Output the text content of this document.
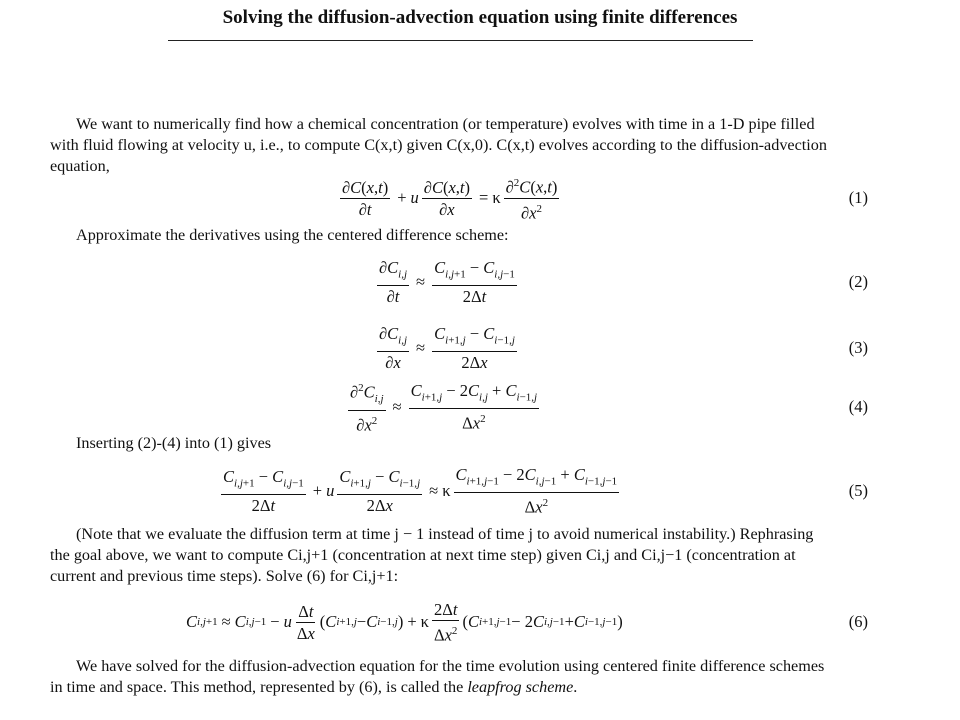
Solving the diffusion-advection equation using finite differences
We want to numerically find how a chemical concentration (or temperature) evolves with time in a 1-D pipe filled
with fluid flowing at velocity u, i.e., to compute C(x,t) given C(x,0). C(x,t) evolves according to the diffusion-advection
equation,
$\frac{\partial C(x,t)}{\partial t} + u \frac{\partial C(x,t)}{\partial x} = \kappa \frac{\partial^2C(x,t)}{\partial x^2}$	(1)
Approximate the derivatives using the centered difference scheme:
$\frac{\partial C_{i,j}}{\partial t} \approx \frac{C_{i,j+1} - C_{i,j-1}}{2\Delta t}$	(2)
$\frac{\partial C_{i,j}}{\partial x} \approx \frac{C_{i+1,j} - C_{i-1,j}}{2\Delta x}$	(3)
$\frac{\partial^2C_{i,j}}{\partial x^2} \approx \frac{C_{i+1,j} - 2C_{i,j} + C_{i-1,j}}{\Delta x^2}$	(4)
Inserting (2)-(4) into (1) gives
$\frac{C_{i,j+1} - C_{i,j-1}}{2\Delta t} + u \frac{C_{i+1,j} - C_{i-1,j}}{2\Delta x} \approx \kappa \frac{C_{i+1,j-1} - 2C_{i,j-1} + C_{i-1,j-1}}{\Delta x^2}$	(5)
(Note that we evaluate the diffusion term at time j − 1 instead of time j to avoid numerical instability.) Rephrasing
the goal above, we want to compute Ci,j+1 (concentration at next time step) given Ci,j and Ci,j−1 (concentration at
current and previous time steps). Solve (6) for Ci,j+1:
C i,j+1 ≈ C i,j−1 − u $\frac{\Delta t}{\Delta x}$ ( C i+1,j − C i−1,j ) + κ $\frac{2\Delta t}{\Delta x^2}$ ( C i+1,j−1 − 2 C i,j−1 + C i−1,j−1 )	(6)
We have solved for the diffusion-advection equation for the time evolution using centered finite difference schemes
in time and space. This method, represented by (6), is called the leapfrog scheme.
